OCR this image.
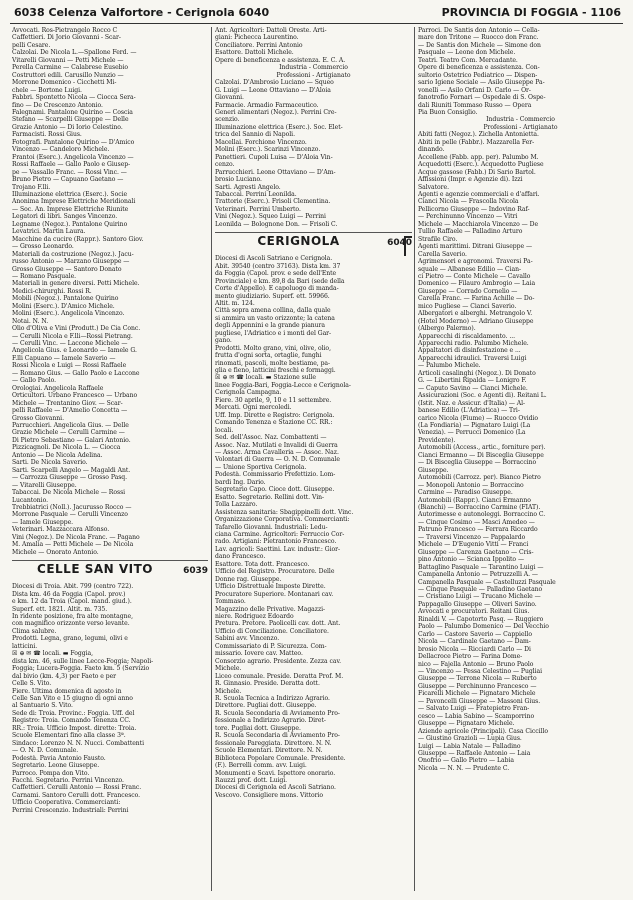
6038 Celenza Valfortore - Cerignola 6040	PROVINCIA DI FOGGIA - 1106
Avvocati. Ros-Pietrangelo Rocco C
Caffettieri. Di Jorio Giovanni - Scar-
pelli Cesare.
Calzolai. De Nicola L.—Spallone Ferd. —
Vitarelli Giovanni — Petti Michele —
Perella Carmine — Calabrese Eusebio
Costruttori edili. Carusillo Nunzio —
Morrone Domenico - Cicchetti Mi-
chele — Bortone Luigi.
Fabbri. Spontetto Nicola — Ciocca Sera-
fino — De Crescenzo Antonio.
Falegnami. Pantalone Quirino — Coscia
Stefano — Scarpelli Giuseppe — Delle
Grazie Antonio — Di Iorio Celestino.
Farmacisti. Rossi Gius.
Fotografi. Pantalone Quirino — D'Amico
Vincenzo — Candeloro Michele.
Frantoi (Eserc.). Angelicola Vincenzo —
Rossi Raffaele — Gallo Paolo e Giusep-
pe — Vassallo Franc. — Rossi Vinc. —
Bruno Pietro — Capuano Gaetano —
Trojano F.lli.
Illuminazione elettrica (Eserc.). Socie
Anonima Imprese Elettriche Meridionali
— Soc. An. Imprese Elettriche Riunite
Legatori di libri. Sanges Vincenzo.
Legname (Negoz.). Pantalone Quirino
Levatrici. Martin Laura.
Macchine da cucire (Rappr.). Santoro Giov.
— Grosso Leonardo.
Materiali da costruzione (Negoz.). Jacu-
russo Antonio — Marzano Giuseppe —
Grosso Giuseppe — Santoro Donato
— Romano Pasquale.
Materiali in genere diversi. Petti Michele.
Medici-chirurghi. Rossi R.
Mobili (Negoz.). Pantalone Quirino
Molini (Eserc.). D'Amico Michele.
Molini (Eserc.). Angelicola Vincenzo.
Notai. N. N.
Olio d'Oliva e Vini (Produtt.) De Cia Conc.
— Cerulli Nicola e F.lli—Rossi Pietrang.
— Cerulli Vinc. — Laccone Michele —
Angelicola Gius. e Leonardo — Iamele G.
F.lli Capuano — Iamele Saverio —
Rossi Nicola e Luigi — Rossi Raffaele
— Romano Gius. — Gallo Paolo e Laccone
— Gallo Paolo.
Orologiai. Angelicola Raffaele
Orticultori. Urbano Francesco — Urbano
Michele — Trentanino Giov. — Scar-
pelli Raffaele — D'Amelio Concetta —
Grosso Giovanni.
Parrucchieri. Angelicola Gius. — Delle
Grazie Michele — Cerulli Carmine —
Di Pietro Sebastiano — Galari Antonio.
Pizzicagnoli. De Nicola L. — Ciocca
Antonio — De Nicola Adelina.
Sarti. De Nicola Saverio.
Sarti. Scarpelli Angelo — Magaldi Ant.
— Carrozza Giuseppe — Grosso Pasq.
— Vitarelli Giuseppe.
Tabaccai. De Nicola Michele — Rossi
Lucantonio.
Trebbiatrici (Noll.). Jacurusso Rocco —
Morrone Pasquale — Cerulli Vincenzo
— Iamele Giuseppe.
Veterinari. Mazzaccara Alfonso.
Vini (Negoz.). De Nicola Franc. — Pagano
M. Amalia — Petti Michele — De Nicola
Michele — Onorato Antonio.
CELLE SAN VITO	6039
Diocesi di Troia. Abit. 799 (centro 722).
Dista km. 46 da Foggia (Capol. prov.)
e km. 12 da Troia (Capol. mand. giud.).
Superf. ett. 1821. Altit. m. 735.
In ridente posizione, fra alte montagne,
con magnifico orizzonte verso levante.
Clima salubre.
Prodotti. Legna, grano, legumi, olivi e
latticini.
☒ ⊕ ✉ ☎ locali. ▬ Foggia,
dista km. 46, sulle linee Lecce-Foggia; Napoli-
Foggia; Lucera-Foggia. Faeto km. 5 (Servizio
dal bivio (km. 4,3) per Faeto e per
Celle S. Vito.
Fiere. Ultima domenica di agosto in
Celle San Vito e 15 giugno di ogni anno
al Santuario S. Vito.
Sede di: Troia. Provinc.: Foggia. Uff. del
Registro: Troia. Comando Tenenza CC.
RR.: Troia. Ufficio Impost. dirette: Troia.
Scuole Elementari fino alla classe 3ª.
Sindaco: Lorenzo N. N. Nucci. Combattenti
— O. N. D. Comunale.
Podestà. Pavia Antonio Fausto.
Segretario. Leone Giuseppe.
Parroco. Pompa don Vito.
Facchi. Segretario. Perrini Vincenzo.
Caffettieri. Cerulli Antonio — Rossi Franc.
Carnami. Santoro Cerulli dott. Francesco.
Ufficio Cooperativa. Commercianti:
Perrini Crescenzio. Industriali: Perrini
Ant. Agricoltori: Dattoli Oreste. Arti-
giani: Pichecca Laurentino.
Conciliatore. Perrini Antonio
Esattore. Dattoli Michele.
Opere di beneficenza e assistenza. E. C. A.
Industria - Commercio
Professioni - Artigianato
Calzolai. D'Ambrosio Luciano — Squeo
G. Luigi — Leone Ottaviano — D'Aloia
Giovanni.
Farmacie. Armadio Farmaceutico.
Generi alimentari (Negoz.). Perrini Cre-
scenzio.
Illuminazione elettrica (Eserc.). Soc. Elet-
trica del Sannio di Napoli.
Macellai. Forchione Vincenzo.
Molini (Eserc.). Scarinzi Vincenzo.
Panettieri. Cupoli Luisa — D'Aloia Vin-
cenzo.
Parrucchieri. Leone Ottaviano — D'Am-
brosio Luciano.
Sarti. Agresti Angelo.
Tabaccai. Perrini Leonilda.
Trattorie (Eserc.). Frisoli Clementina.
Veterinari. Perrini Umberto.
Vini (Negoz.). Squeo Luigi — Perrini
Leonilda — Bolognone Don. — Frisoli C.
CERIGNOLA	6040
Diocesi di Ascoli Satriano e Cerignola.
Abit. 39540 (centro 37163). Dista km. 37
da Foggia (Capol. prov. e sede dell'Ente
Provinciale) e km. 89,8 da Bari (sede della
Corte d'Appello). È capoluogo di manda-
mento giudiziario. Superf. ett. 59966.
Altit. m. 124.
Città sopra amena collina, dalla quale
si ammira un vasto orizzonte; la catena
degli Appennini e la grande pianura
pugliese, l'Adriatico e i monti del Gar-
gano.
Prodotti. Molto grano, vini, olive, olio,
frutta d'ogni sorta, ortaglie, funghi
rinomati, pascoli, molte bestiame, pa-
glia e fieno, latticini freschi e formaggi.
☒ ⊕ ✉ ☎ locali. ▬ Stazione sulle
linee Foggia-Bari, Foggia-Lecce e Cerignola-
Cerignola Campagna.
Fiere. 30 aprile, 9, 10 e 11 settembre.
Mercati. Ogni mercoledì.
Uff. Imp. Dirette e Registro: Cerignola.
Comando Tenenza e Stazione CC. RR.:
locali.
Sed. dell'Assoc. Naz. Combattenti —
Assoc. Naz. Mutilati e Invalidi di Guerra
— Assoc. Arma Cavalleria — Assoc. Naz.
Volontari di Guerra — O. N. D. Comunale
— Unione Sportiva Cerignola.
Podestà. Commissario Prefettizio. Lom-
bardi Ing. Dario.
Segretario Capo. Cioce dott. Giuseppe.
Esatto. Segretario. Rellini dott. Vin-
Tolla Lazzaro.
Assistenza sanitaria: Sbagippinelli dott. Vinc.
Organizzazione Corporativa. Commercianti:
Tafarello Giovanni. Industriali: Ledu-
ciana Carmine. Agricoltori: Ferruccio Cor-
rado. Artigiani: Pietrantonio Francesco.
Lav. agricoli: Saettini. Lav. industr.: Gior-
dano Francesco.
Esattore. Tota dott. Francesco.
Ufficio del Registro. Procuratore. Delle
Donne rag. Giuseppe.
Ufficio Distrettuale Imposte Dirette.
Procuratore Superiore. Montanari cav.
Tommaso.
Magazzino delle Privative. Magazzi-
niere. Rodriguez Edoardo
Pretura. Pretore. Paolicelli cav. dott. Ant.
Ufficio di Conciliazione. Conciliatore.
Sabini avv. Vincenzo.
Commissariato di P. Sicurezza. Com-
missario. Iovere cav. Matteo.
Consorzio agrario. Presidente. Zezza cav.
Michele.
Liceo comunale. Preside. Deratta Prof. M.
R. Ginnasio. Preside. Deratta dott.
Michele.
R. Scuola Tecnica a Indirizzo Agrario.
Direttore. Pugliai dott. Giuseppe.
R. Scuola Secondaria di Avviamento Pro-
fessionale a Indirizzo Agrario. Diret-
tore. Pugliai dott. Giuseppe.
R. Scuola Secondaria di Avviamento Pro-
fessionale Pareggiata. Direttore. N. N.
Scuole Elementari. Direttore. N. N.
Biblioteca Popolare Comunale. Presidente.
(F.). Berrelli comm. avv. Luigi.
Monumenti e Scavi. Ispettore onorario.
Rauzzi prof. dott. Luigi.
Diocesi di Cerignola ed Ascoli Satriano.
Vescovo. Consigliere mons. Vittorio
Parroci. De Santis don Antonio — Cella-
mare don Tritone — Ruocco don Franc.
— De Santis don Michele — Simone don
Pasquale — Leone don Michele.
Teatri. Teatro Com. Mercadante.
Opere di beneficenza e assistenza. Con-
sultorio Ostetrico Pediatrico — Dispen-
sario Igiene Sociale — Asilo Giuseppe Pa-
vonelli — Asilo Orfani D. Carlo — Or-
fanotrofio Fornari — Ospedale di S. Ospe-
dali Riuniti Tommaso Russo — Opera
Pia Buon Consiglio.
Industria - Commercio
Professioni - Artigianato
Abiti fatti (Negoz.). Zichella Antonietta.
Abiti in pelle (Fabbr.). Mazzarella Fer-
dinando.
Accellene (Fabb. app. per). Palumbo M.
Acquedotti (Eserc.). Acquedotto Pugliese
Acque gassose (Fabb.) Di Sario Bartol.
Affissioni (Impr. e Agenzie di). Izzi
Salvatore.
Agenti e agenzie commerciali e d'affari.
Cianci Nicola — Frascolla Nicola
Pellicorno Giuseppe — Indovino Raf-
— Perchinunno Vincenzo — Vitri
Michele — Macchiarola Vincenzo — De
Tullio Raffaele — Palladino Arturo
Strafile Ciro.
Agenti marittimi. Ditrani Giuseppe —
Carella Saverio.
Agrimensori e agronomi. Traversi Pa-
squale — Albanese Edilio — Cian-
ci Pietro — Conte Michele — Cavallo
Domenico — Filauro Ambrogio — Laia
Giuseppe — Corrado Cornelio —
Carella Franc. — Farina Achille — Do-
mico Pugliese — Cianci Saverio.
Albergatori e alberghi. Metrangolo V.
(Hotel Moderno) — Adriano Giuseppe
(Albergo Palermo).
Apparecchi di riscaldamento. ...
Apparecchi radio. Palumbo Michele.
Appaltatori di disinfestazione e ...
Apparecchi idraulici. Traversi Luigi
— Palumbo Michele.
Articoli casalinghi (Negoz.). Di Donato
G. — Libertini Ripalda — Lonigro F.
— Caputo Savino — Cianci Michele.
Assicurazioni (Soc. e Agenti di). Reitani L.
(Istit. Naz. e Assicur. d'Italia) — Al-
banese Edilio (L'Adriatica) — Tri-
carico Nicola (Fiume) — Ruocco Ovidio
(La Fondiaria) — Pignataro Luigi (La
Venezia). — Perrucci Domenico (La
Previdente).
Automobili (Access., artic., forniture per).
Cianci Ermanno — Di Bisceglia Giuseppe
— Di Bisceglia Giuseppe — Borraccino
Giuseppe.
Automobili (Carrozz. per). Bianco Pietro
— Monopoli Antonio — Borraccino
Carmine — Paradiso Giuseppe.
Automobili (Rappr.). Cianci Ermanno
(Bianchi) — Borraccino Carmine (FIAT).
Autorimesse e autonoleggi. Borraccino C.
— Cinque Cosimo — Masci Amedeo —
Patruno Francesco — Ferrara Riccardo
— Traversi Vincenzo — Pappalardo
Michele — D'Eugenio Vitti — Franci
Giuseppe — Carenza Gaetano — Cris-
pino Antonio — Scianca Ippolito —
Battaglino Pasquale — Tarantino Luigi —
Campanella Antonio — Petruzzelli A. —
Campanella Pasquale — Castelluzzi Pasquale
— Cinque Pasquale — Palladino Gaetano
— Cristiano Luigi — Trucano Michele —
Pappagallo Giuseppe — Oliveri Savino.
Avvocati e procuratori. Reitani Gius.
Rinaldi V. — Capotorto Pasq. — Ruggiero
Paolo — Palumbo Domenico — Del Vecchio
Carlo — Castore Saverio — Cappiello
Nicola — Cardinale Gaetano — Dam-
brosio Nicola — Ricciardi Carlo — Di
Dellacroce Pietro — Farina Dome-
nico — Fajella Antonio — Bruno Paolo
— Vincenzo — Pessa Celestino — Pugliai
Giuseppe — Terrone Nicola — Ruberto
Giuseppe — Perchinunno Francesco —
Ficarelli Michele — Pignataro Michele
— Pavoncelli Giuseppe — Massoni Gius.
— Salvato Luigi — Fratepietro Fran-
cesco — Labia Sabino — Scamporrino
Giuseppe — Pignataro Michele.
Aziende agricole (Principali). Casa Ciccillo
— Giustino Grazioli — Lupia Gius.
Luigi — Labia Natale — Palladino
Giuseppe — Raffaele Antonio — Laia
Onofrio — Gallo Pietro — Labia
Nicola — N. N. — Prudente C.
